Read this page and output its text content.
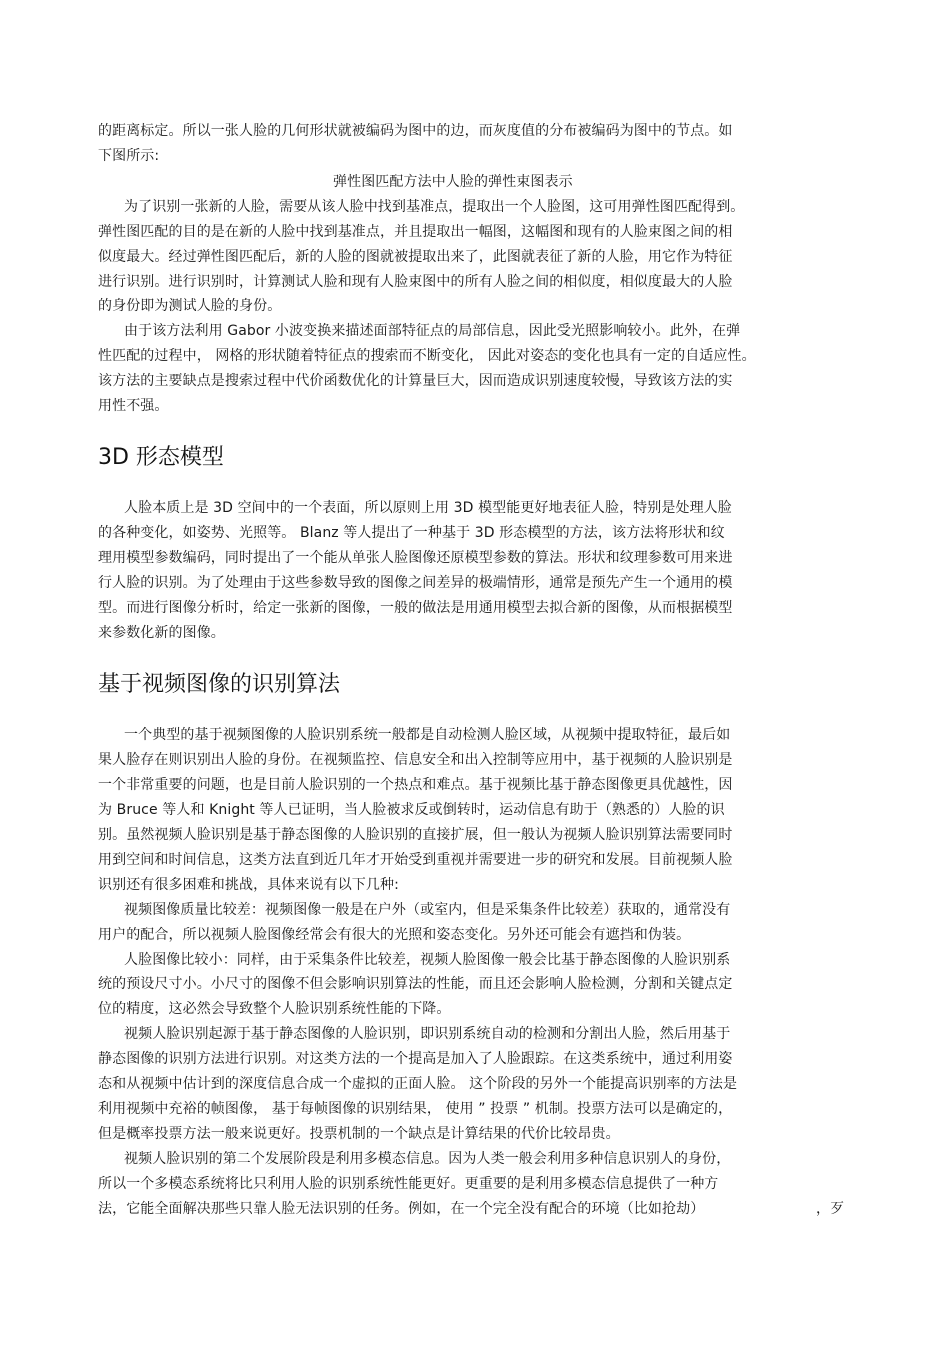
的距离标定。所以一张人脸的几何形状就被编码为图中的边，而灰度值的分布被编码为图中的节点。如
下图所示:
弹性图匹配方法中人脸的弹性束图表示
为了识别一张新的人脸，需要从该人脸中找到基准点，提取出一个人脸图，这可用弹性图匹配得到。
弹性图匹配的目的是在新的人脸中找到基准点，并且提取出一幅图，这幅图和现有的人脸束图之间的相
似度最大。经过弹性图匹配后，新的人脸的图就被提取出来了，此图就表征了新的人脸，用它作为特征
进行识别。进行识别时，计算测试人脸和现有人脸束图中的所有人脸之间的相似度，相似度最大的人脸
的身份即为测试人脸的身份。
由于该方法利用 Gabor 小波变换来描述面部特征点的局部信息，因此受光照影响较小。此外，在弹
性匹配的过程中， 网格的形状随着特征点的搜索而不断变化， 因此对姿态的变化也具有一定的自适应性。
该方法的主要缺点是搜索过程中代价函数优化的计算量巨大，因而造成识别速度较慢，导致该方法的实
用性不强。
3D 形态模型
人脸本质上是 3D 空间中的一个表面，所以原则上用 3D 模型能更好地表征人脸，特别是处理人脸
的各种变化，如姿势、光照等。 Blanz 等人提出了一种基于 3D 形态模型的方法，该方法将形状和纹
理用模型参数编码，同时提出了一个能从单张人脸图像还原模型参数的算法。形状和纹理参数可用来进
行人脸的识别。为了处理由于这些参数导致的图像之间差异的极端情形，通常是预先产生一个通用的模
型。而进行图像分析时，给定一张新的图像，一般的做法是用通用模型去拟合新的图像，从而根据模型
来参数化新的图像。
基于视频图像的识别算法
一个典型的基于视频图像的人脸识别系统一般都是自动检测人脸区域，从视频中提取特征，最后如
果人脸存在则识别出人脸的身份。在视频监控、信息安全和出入控制等应用中，基于视频的人脸识别是
一个非常重要的问题，也是目前人脸识别的一个热点和难点。基于视频比基于静态图像更具优越性，因
为 Bruce 等人和 Knight 等人已证明，当人脸被求反或倒转时，运动信息有助于（熟悉的）人脸的识
别。虽然视频人脸识别是基于静态图像的人脸识别的直接扩展，但一般认为视频人脸识别算法需要同时
用到空间和时间信息，这类方法直到近几年才开始受到重视并需要进一步的研究和发展。目前视频人脸
识别还有很多困难和挑战，具体来说有以下几种:
视频图像质量比较差：视频图像一般是在户外（或室内，但是采集条件比较差）获取的，通常没有
用户的配合，所以视频人脸图像经常会有很大的光照和姿态变化。另外还可能会有遮挡和伪装。
人脸图像比较小：同样，由于采集条件比较差，视频人脸图像一般会比基于静态图像的人脸识别系
统的预设尺寸小。小尺寸的图像不但会影响识别算法的性能，而且还会影响人脸检测，分割和关键点定
位的精度，这必然会导致整个人脸识别系统性能的下降。
视频人脸识别起源于基于静态图像的人脸识别，即识别系统自动的检测和分割出人脸，然后用基于
静态图像的识别方法进行识别。对这类方法的一个提高是加入了人脸跟踪。在这类系统中，通过利用姿
态和从视频中估计到的深度信息合成一个虚拟的正面人脸。 这个阶段的另外一个能提高识别率的方法是
利用视频中充裕的帧图像， 基于每帧图像的识别结果， 使用 ” 投票 ” 机制。投票方法可以是确定的，
但是概率投票方法一般来说更好。投票机制的一个缺点是计算结果的代价比较昂贵。
视频人脸识别的第二个发展阶段是利用多模态信息。因为人类一般会利用多种信息识别人的身份，
所以一个多模态系统将比只利用人脸的识别系统性能更好。更重要的是利用多模态信息提供了一种方
法，它能全面解决那些只靠人脸无法识别的任务。例如，在一个完全没有配合的环境（比如抢劫）	，歹
